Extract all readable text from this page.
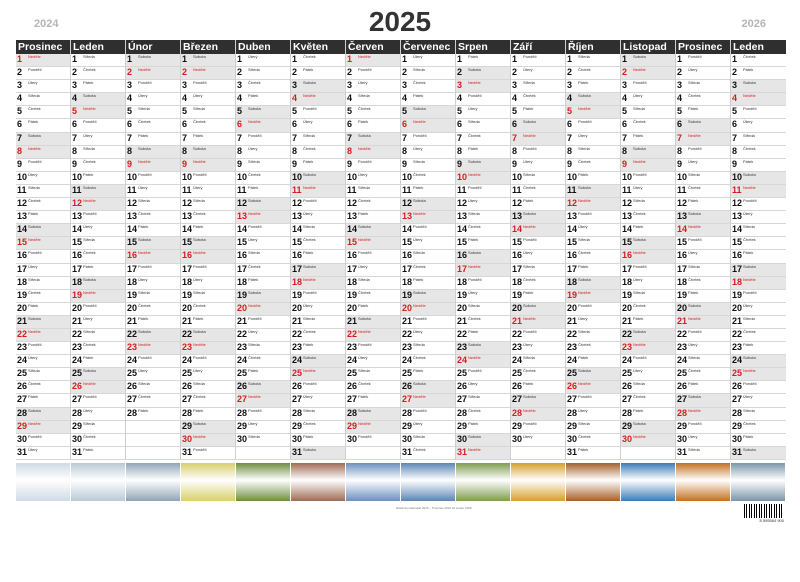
2024	2025	2026
Prosinec
1 Neděle
2 Pondělí
3 Úterý
4 Středa
5 Čtvrtek
6 Pátek
7 Sobota
8 Neděle
9 Pondělí
10 Úterý
11 Středa
12 Čtvrtek
13 Pátek
14 Sobota
15 Neděle
16 Pondělí
17 Úterý
18 Středa
19 Čtvrtek
20 Pátek
21 Sobota
22 Neděle
23 Pondělí
24 Úterý
25 Středa
26 Čtvrtek
27 Pátek
28 Sobota
29 Neděle
30 Pondělí
31 Úterý
Leden
1 Středa
2 Čtvrtek
3 Pátek
4 Sobota
5 Neděle
6 Pondělí
7 Úterý
8 Středa
9 Čtvrtek
10 Pátek
11 Sobota
12 Neděle
13 Pondělí
14 Úterý
15 Středa
16 Čtvrtek
17 Pátek
18 Sobota
19 Neděle
20 Pondělí
21 Úterý
22 Středa
23 Čtvrtek
24 Pátek
25 Sobota
26 Neděle
27 Pondělí
28 Úterý
29 Středa
30 Čtvrtek
31 Pátek
Únor
1 Sobota
2 Neděle
3 Pondělí
4 Úterý
5 Středa
6 Čtvrtek
7 Pátek
8 Sobota
9 Neděle
10 Pondělí
11 Úterý
12 Středa
13 Čtvrtek
14 Pátek
15 Sobota
16 Neděle
17 Pondělí
18 Úterý
19 Středa
20 Čtvrtek
21 Pátek
22 Sobota
23 Neděle
24 Pondělí
25 Úterý
26 Středa
27 Čtvrtek
28 Pátek
Březen
1 Sobota
2 Neděle
3 Pondělí
4 Úterý
5 Středa
6 Čtvrtek
7 Pátek
8 Sobota
9 Neděle
10 Pondělí
11 Úterý
12 Středa
13 Čtvrtek
14 Pátek
15 Sobota
16 Neděle
17 Pondělí
18 Úterý
19 Středa
20 Čtvrtek
21 Pátek
22 Sobota
23 Neděle
24 Pondělí
25 Úterý
26 Středa
27 Čtvrtek
28 Pátek
29 Sobota
30 Neděle
31 Pondělí
Duben
1 Úterý
2 Středa
3 Čtvrtek
4 Pátek
5 Sobota
6 Neděle
7 Pondělí
8 Úterý
9 Středa
10 Čtvrtek
11 Pátek
12 Sobota
13 Neděle
14 Pondělí
15 Úterý
16 Středa
17 Čtvrtek
18 Pátek
19 Sobota
20 Neděle
21 Pondělí
22 Úterý
23 Středa
24 Čtvrtek
25 Pátek
26 Sobota
27 Neděle
28 Pondělí
29 Úterý
30 Středa
Květen
1 Čtvrtek
2 Pátek
3 Sobota
4 Neděle
5 Pondělí
6 Úterý
7 Středa
8 Čtvrtek
9 Pátek
10 Sobota
11 Neděle
12 Pondělí
13 Úterý
14 Středa
15 Čtvrtek
16 Pátek
17 Sobota
18 Neděle
19 Pondělí
20 Úterý
21 Středa
22 Čtvrtek
23 Pátek
24 Sobota
25 Neděle
26 Pondělí
27 Úterý
28 Středa
29 Čtvrtek
30 Pátek
31 Sobota
Červen
1 Neděle
2 Pondělí
3 Úterý
4 Středa
5 Čtvrtek
6 Pátek
7 Sobota
8 Neděle
9 Pondělí
10 Úterý
11 Středa
12 Čtvrtek
13 Pátek
14 Sobota
15 Neděle
16 Pondělí
17 Úterý
18 Středa
19 Čtvrtek
20 Pátek
21 Sobota
22 Neděle
23 Pondělí
24 Úterý
25 Středa
26 Čtvrtek
27 Pátek
28 Sobota
29 Neděle
30 Pondělí
Červenec
1 Úterý
2 Středa
3 Čtvrtek
4 Pátek
5 Sobota
6 Neděle
7 Pondělí
8 Úterý
9 Středa
10 Čtvrtek
11 Pátek
12 Sobota
13 Neděle
14 Pondělí
15 Úterý
16 Středa
17 Čtvrtek
18 Pátek
19 Sobota
20 Neděle
21 Pondělí
22 Úterý
23 Středa
24 Čtvrtek
25 Pátek
26 Sobota
27 Neděle
28 Pondělí
29 Úterý
30 Středa
31 Čtvrtek
Srpen
1 Pátek
2 Sobota
3 Neděle
4 Pondělí
5 Úterý
6 Středa
7 Čtvrtek
8 Pátek
9 Sobota
10 Neděle
11 Pondělí
12 Úterý
13 Středa
14 Čtvrtek
15 Pátek
16 Sobota
17 Neděle
18 Pondělí
19 Úterý
20 Středa
21 Čtvrtek
22 Pátek
23 Sobota
24 Neděle
25 Pondělí
26 Úterý
27 Středa
28 Čtvrtek
29 Pátek
30 Sobota
31 Neděle
Září
1 Pondělí
2 Úterý
3 Středa
4 Čtvrtek
5 Pátek
6 Sobota
7 Neděle
8 Pondělí
9 Úterý
10 Středa
11 Čtvrtek
12 Pátek
13 Sobota
14 Neděle
15 Pondělí
16 Úterý
17 Středa
18 Čtvrtek
19 Pátek
20 Sobota
21 Neděle
22 Pondělí
23 Úterý
24 Středa
25 Čtvrtek
26 Pátek
27 Sobota
28 Neděle
29 Pondělí
30 Úterý
Říjen
1 Středa
2 Čtvrtek
3 Pátek
4 Sobota
5 Neděle
6 Pondělí
7 Úterý
8 Středa
9 Čtvrtek
10 Pátek
11 Sobota
12 Neděle
13 Pondělí
14 Úterý
15 Středa
16 Čtvrtek
17 Pátek
18 Sobota
19 Neděle
20 Pondělí
21 Úterý
22 Středa
23 Čtvrtek
24 Pátek
25 Sobota
26 Neděle
27 Pondělí
28 Úterý
29 Středa
30 Čtvrtek
31 Pátek
Listopad
1 Sobota
2 Neděle
3 Pondělí
4 Úterý
5 Středa
6 Čtvrtek
7 Pátek
8 Sobota
9 Neděle
10 Pondělí
11 Úterý
12 Středa
13 Čtvrtek
14 Pátek
15 Sobota
16 Neděle
17 Pondělí
18 Úterý
19 Středa
20 Čtvrtek
21 Pátek
22 Sobota
23 Neděle
24 Pondělí
25 Úterý
26 Středa
27 Čtvrtek
28 Pátek
29 Sobota
30 Neděle
Prosinec
1 Pondělí
2 Úterý
3 Středa
4 Čtvrtek
5 Pátek
6 Sobota
7 Neděle
8 Pondělí
9 Úterý
10 Středa
11 Čtvrtek
12 Pátek
13 Sobota
14 Neděle
15 Pondělí
16 Úterý
17 Středa
18 Čtvrtek
19 Pátek
20 Sobota
21 Neděle
22 Pondělí
23 Úterý
24 Středa
25 Čtvrtek
26 Pátek
27 Sobota
28 Neděle
29 Pondělí
30 Úterý
31 Středa
Leden
1 Čtvrtek
2 Pátek
3 Sobota
4 Neděle
5 Pondělí
6 Úterý
7 Středa
8 Čtvrtek
9 Pátek
10 Sobota
11 Neděle
12 Pondělí
13 Úterý
14 Středa
15 Čtvrtek
16 Pátek
17 Sobota
18 Neděle
19 Pondělí
20 Úterý
21 Středa
22 Čtvrtek
23 Pátek
24 Sobota
25 Neděle
26 Pondělí
27 Úterý
28 Středa
29 Čtvrtek
30 Pátek
31 Sobota
Nástěnný kalendář 2025 – Prosinec 2024 až Leden 2026
8 595564 900
